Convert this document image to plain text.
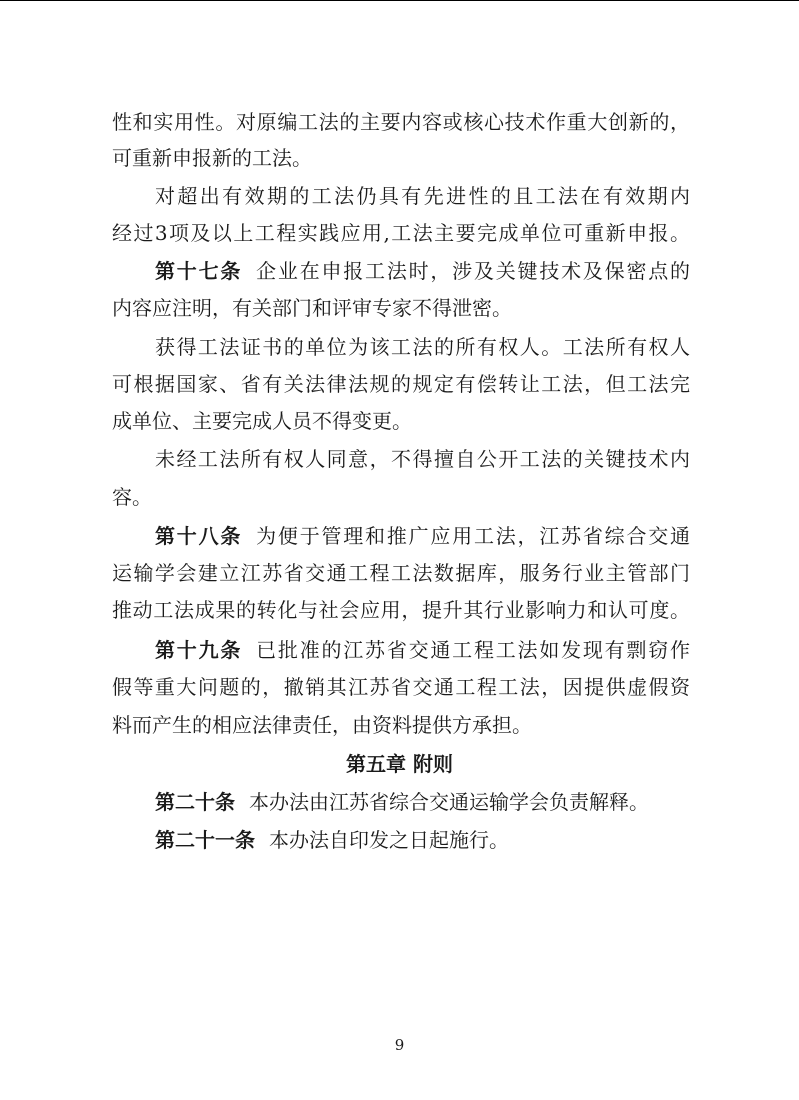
性和实用性。对原编工法的主要内容或核心技术作重大创新的，
可重新申报新的工法。
对超出有效期的工法仍具有先进性的且工法在有效期内
经过3项及以上工程实践应用,工法主要完成单位可重新申报。
第十七条 企业在申报工法时，涉及关键技术及保密点的
内容应注明，有关部门和评审专家不得泄密。
获得工法证书的单位为该工法的所有权人。工法所有权人
可根据国家、省有关法律法规的规定有偿转让工法，但工法完
成单位、主要完成人员不得变更。
未经工法所有权人同意，不得擅自公开工法的关键技术内
容。
第十八条 为便于管理和推广应用工法，江苏省综合交通
运输学会建立江苏省交通工程工法数据库，服务行业主管部门
推动工法成果的转化与社会应用，提升其行业影响力和认可度。
第十九条 已批准的江苏省交通工程工法如发现有剽窃作
假等重大问题的，撤销其江苏省交通工程工法，因提供虚假资
料而产生的相应法律责任，由资料提供方承担。
第五章 附则
第二十条 本办法由江苏省综合交通运输学会负责解释。
第二十一条 本办法自印发之日起施行。
9
